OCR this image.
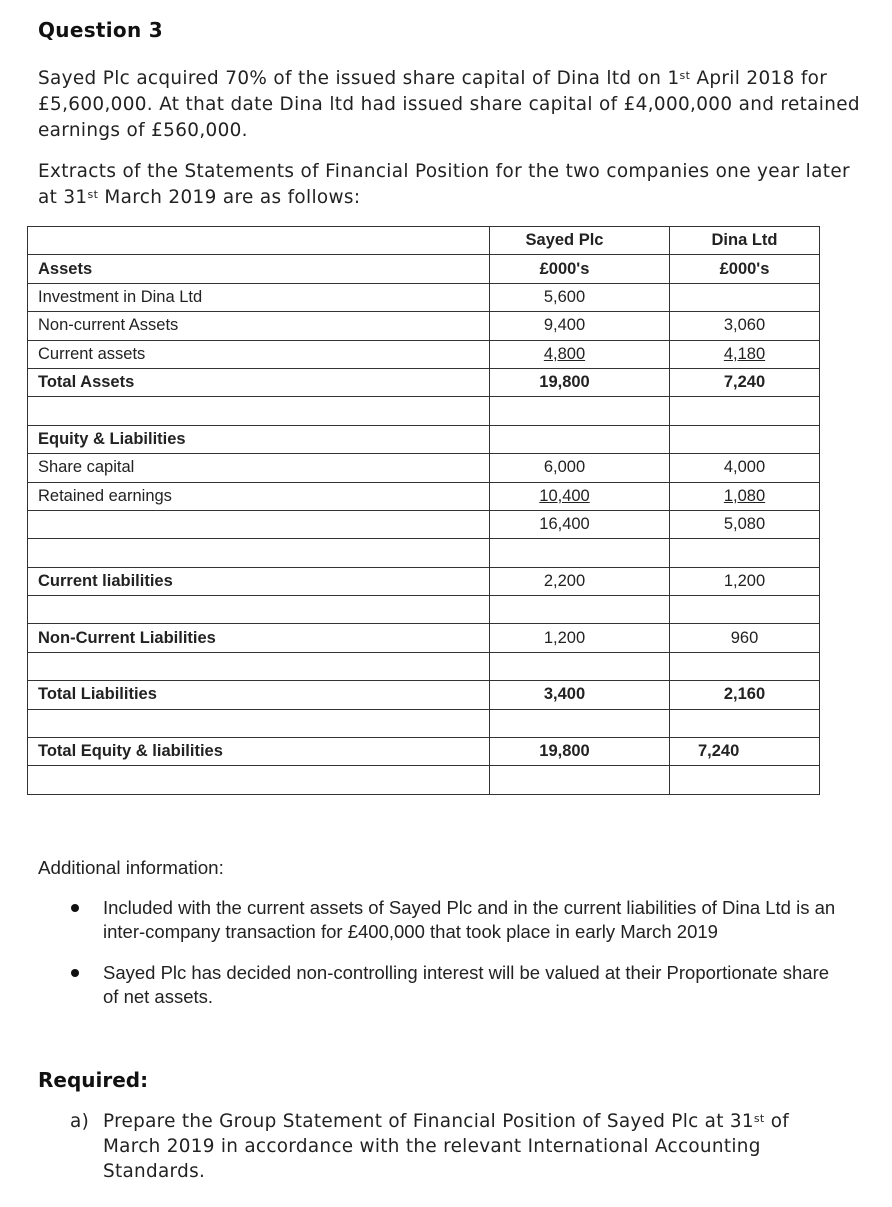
Question 3
Sayed Plc acquired 70% of the issued share capital of Dina ltd on 1st April 2018 for £5,600,000. At that date Dina ltd had issued share capital of £4,000,000 and retained earnings of £560,000.
Extracts of the Statements of Financial Position for the two companies one year later at 31st March 2019 are as follows:
	Sayed Plc	Dina Ltd
Assets	£000's	£000's
Investment in Dina Ltd	5,600	
Non-current Assets	9,400	3,060
Current assets	4,800	4,180
Total Assets	19,800	7,240

Equity & Liabilities		
Share capital	6,000	4,000
Retained earnings	10,400	1,080
	16,400	5,080

Current liabilities	2,200	1,200

Non-Current Liabilities	1,200	960

Total Liabilities	3,400	2,160

Total Equity & liabilities	19,800	7,240

Additional information:
Included with the current assets of Sayed Plc and in the current liabilities of Dina Ltd is an inter-company transaction for £400,000 that took place in early March 2019
Sayed Plc has decided non-controlling interest will be valued at their Proportionate share of net assets.
Required:
a) Prepare the Group Statement of Financial Position of Sayed Plc at 31st of March 2019 in accordance with the relevant International Accounting Standards.
